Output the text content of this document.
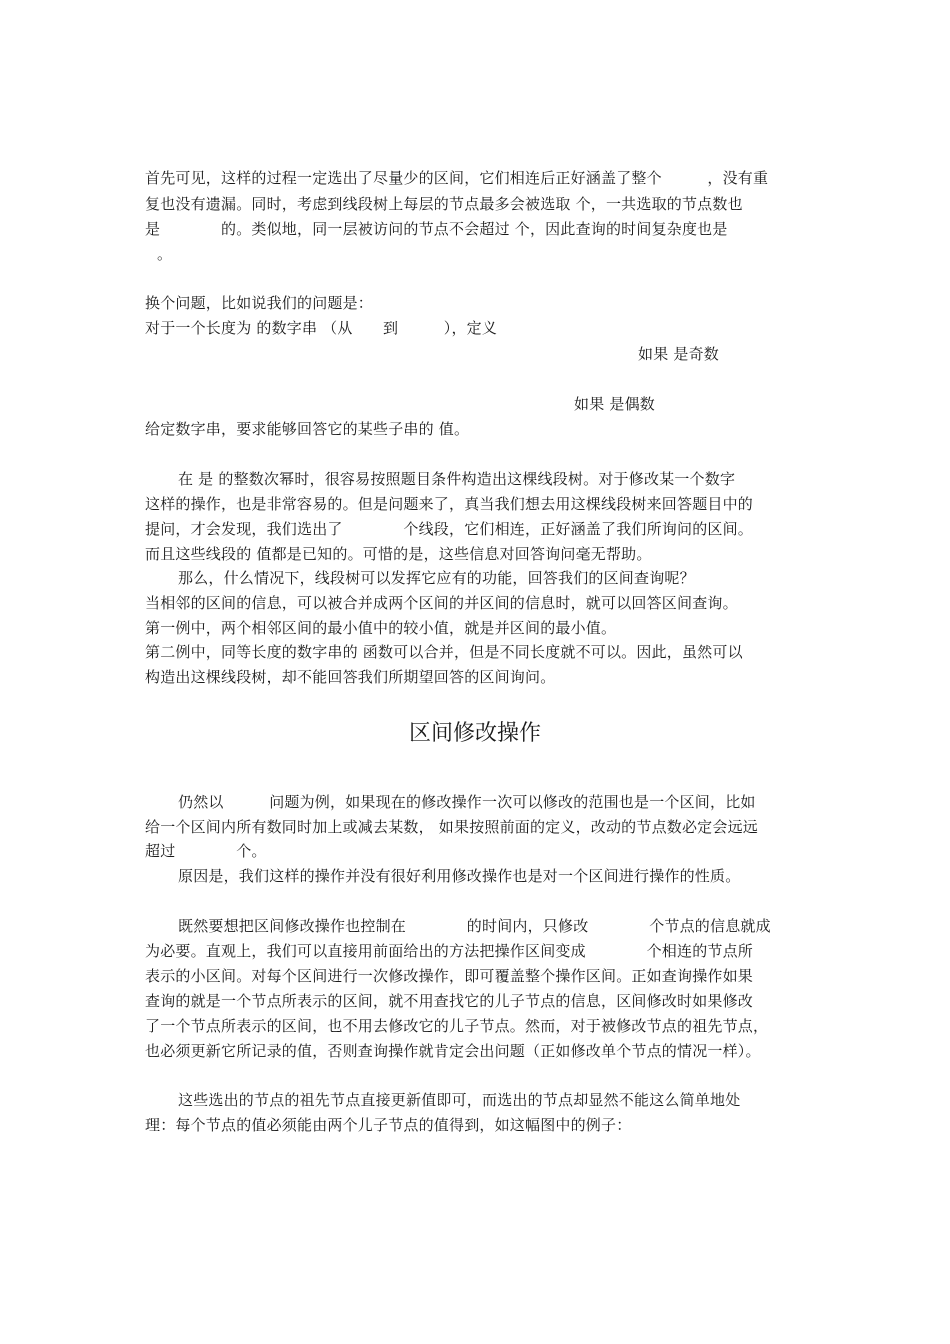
首先可见，这样的过程一定选出了尽量少的区间，它们相连后正好涵盖了整个　　　，没有重
复也没有遗漏。同时，考虑到线段树上每层的节点最多会被选取 个，一共选取的节点数也
是　　　　的。类似地，同一层被访问的节点不会超过 个，因此查询的时间复杂度也是
。
换个问题，比如说我们的问题是：
对于一个长度为 的数字串 （从　　到　　　），定义
如果 是奇数
如果 是偶数
给定数字串，要求能够回答它的某些子串的 值。
在 是 的整数次幂时，很容易按照题目条件构造出这棵线段树。对于修改某一个数字
这样的操作，也是非常容易的。但是问题来了，真当我们想去用这棵线段树来回答题目中的
提问，才会发现，我们选出了　　　　个线段，它们相连，正好涵盖了我们所询问的区间。
而且这些线段的 值都是已知的。可惜的是，这些信息对回答询问毫无帮助。
那么，什么情况下，线段树可以发挥它应有的功能，回答我们的区间查询呢？
当相邻的区间的信息，可以被合并成两个区间的并区间的信息时，就可以回答区间查询。
第一例中，两个相邻区间的最小值中的较小值，就是并区间的最小值。
第二例中，同等长度的数字串的 函数可以合并，但是不同长度就不可以。因此，虽然可以
构造出这棵线段树，却不能回答我们所期望回答的区间询问。
区间修改操作
仍然以　　　问题为例，如果现在的修改操作一次可以修改的范围也是一个区间，比如
给一个区间内所有数同时加上或减去某数， 如果按照前面的定义，改动的节点数必定会远远
超过　　　　个。
原因是，我们这样的操作并没有很好利用修改操作也是对一个区间进行操作的性质。
既然要想把区间修改操作也控制在　　　　的时间内，只修改　　　　个节点的信息就成
为必要。直观上，我们可以直接用前面给出的方法把操作区间变成　　　　个相连的节点所
表示的小区间。对每个区间进行一次修改操作，即可覆盖整个操作区间。正如查询操作如果
查询的就是一个节点所表示的区间，就不用查找它的儿子节点的信息，区间修改时如果修改
了一个节点所表示的区间，也不用去修改它的儿子节点。然而，对于被修改节点的祖先节点，
也必须更新它所记录的值，否则查询操作就肯定会出问题（正如修改单个节点的情况一样）。
这些选出的节点的祖先节点直接更新值即可，而选出的节点却显然不能这么简单地处
理：每个节点的值必须能由两个儿子节点的值得到，如这幅图中的例子：
